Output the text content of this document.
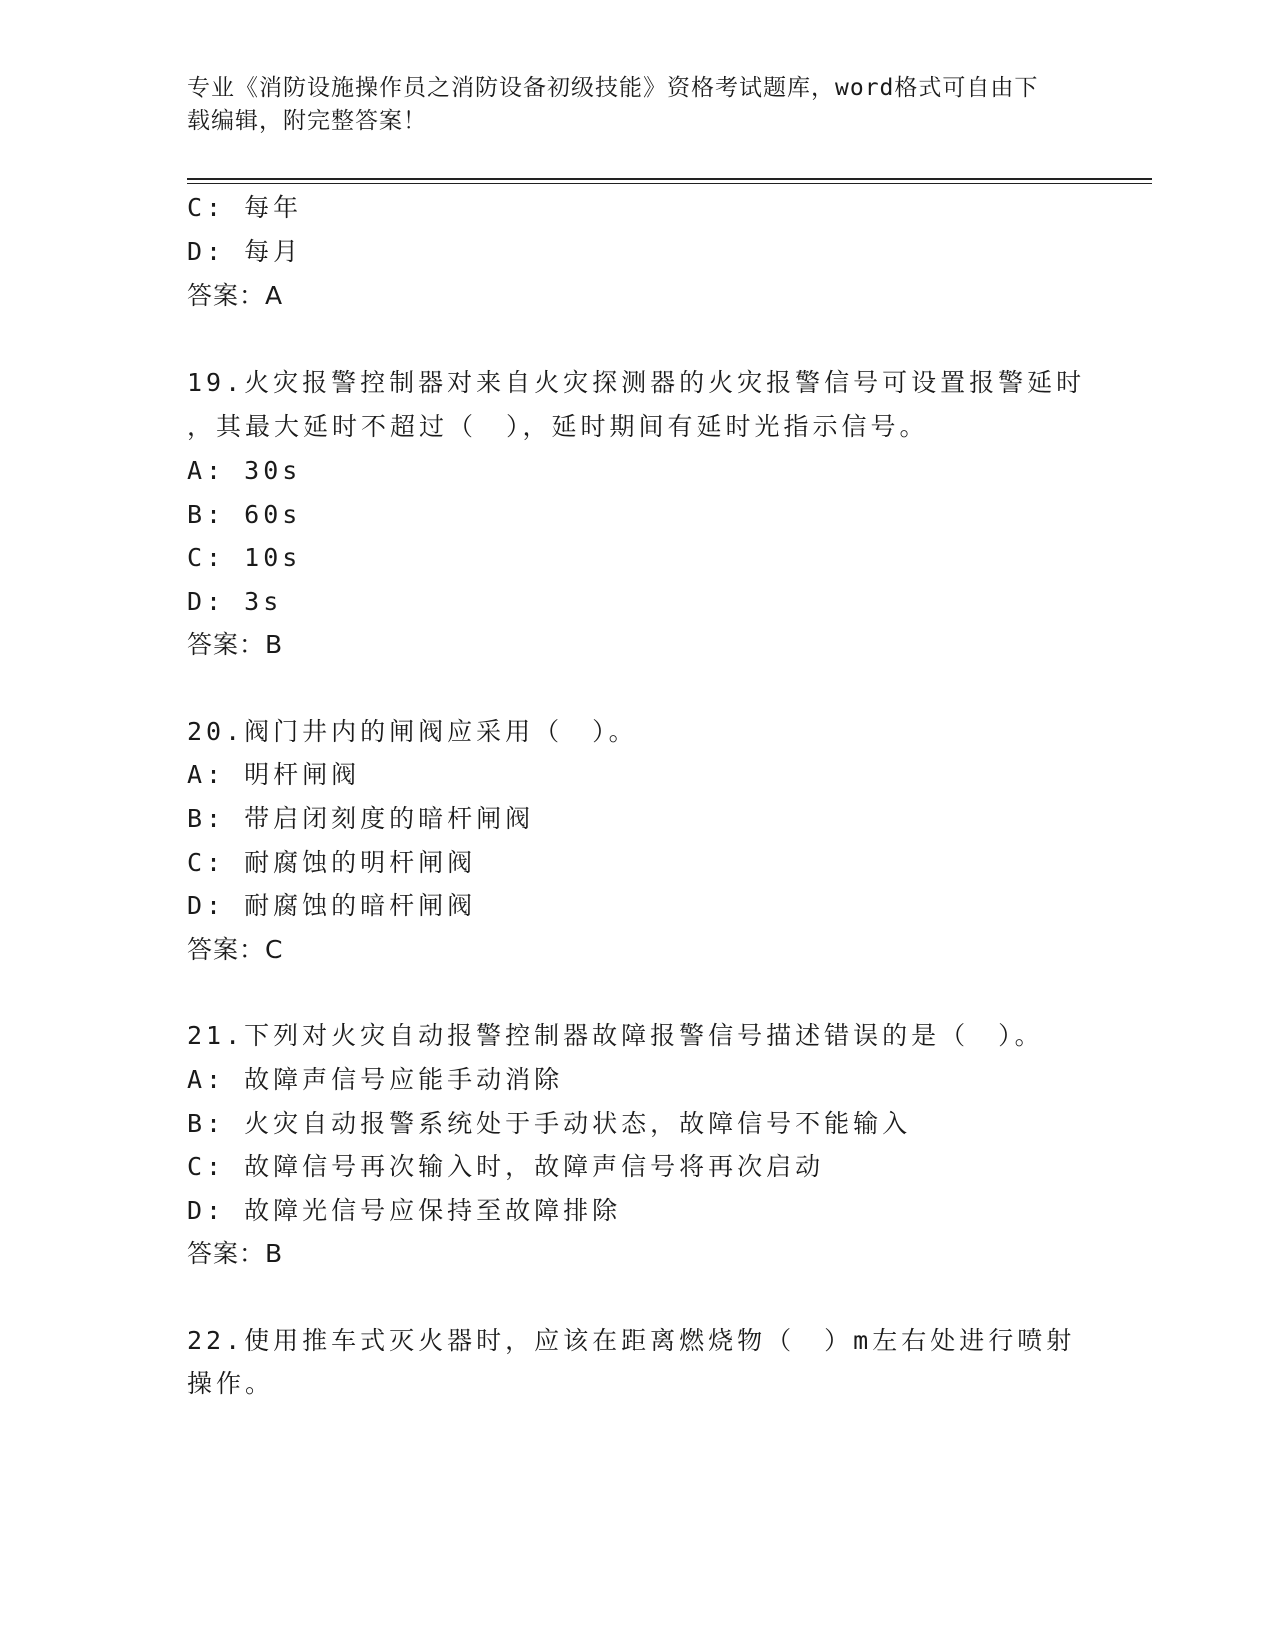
专业《消防设施操作员之消防设备初级技能》资格考试题库，word格式可自由下
载编辑，附完整答案！
C: 每年
D: 每月
答案：A
19.火灾报警控制器对来自火灾探测器的火灾报警信号可设置报警延时
，其最大延时不超过（　），延时期间有延时光指示信号。
A: 30s
B: 60s
C: 10s
D: 3s
答案：B
20.阀门井内的闸阀应采用（　）。
A: 明杆闸阀
B: 带启闭刻度的暗杆闸阀
C: 耐腐蚀的明杆闸阀
D: 耐腐蚀的暗杆闸阀
答案：C
21.下列对火灾自动报警控制器故障报警信号描述错误的是（　）。
A: 故障声信号应能手动消除
B: 火灾自动报警系统处于手动状态，故障信号不能输入
C: 故障信号再次输入时，故障声信号将再次启动
D: 故障光信号应保持至故障排除
答案：B
22.使用推车式灭火器时，应该在距离燃烧物（　）m左右处进行喷射
操作。
